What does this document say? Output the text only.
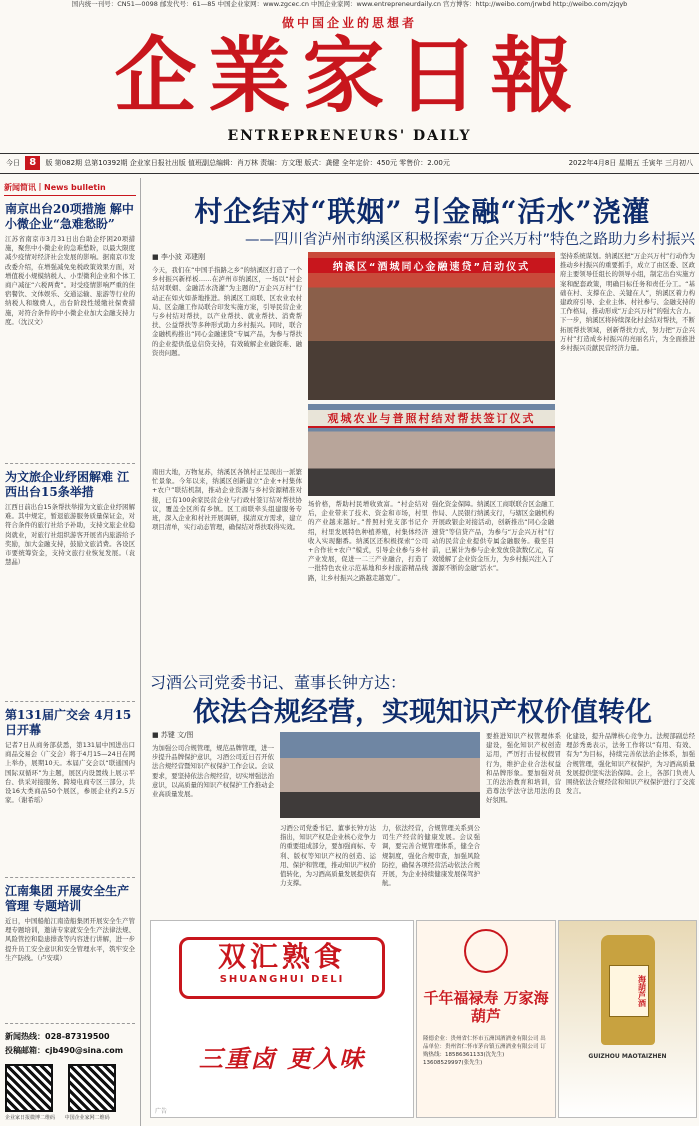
国内统一刊号：CN51—0098 邮发代号：61—85 中国企业家网：www.zgcec.cn 中国企业家网：www.entrepreneurdaily.cn 官方博客：http://weibo.com/jrwbd http://weibo.com/zjqyb
做中国企业的思想者
企業家日報
ENTREPRENEURS' DAILY
今日 8 版 第082期 总第10392期 企业家日报社出版 值班副总编辑：肖万林 责编：方文理 版式：龚健 全年定价：450元 零售价：2.00元	2022年4月8日 星期五 壬寅年 三月初八
新闻简讯丨News bulletin
南京出台20项措施 解中小微企业“急难愁盼”
江苏省南京市3月31日出台助企纾困20项措施，聚焦中小微企业的急难愁盼，以最大限度减少疫情对经济社会发展的影响。据南京市发改委介绍，在增强减免免税政策效果方面，对增值税小规模纳税人、小型微利企业和个体工商户减征“六税两费”。对受疫情影响严重的住宿餐饮、文体娱乐、交通运输、旅游等行业的纳税人和缴费人，出台阶段性缓缴社保费措施，对符合条件的中小微企业加大金融支持力度。（沈汉文）
为文旅企业纾困解难 江西出台15条举措
江西日前出台15条帮扶举措为文旅企业纾困解难。其中规定，暂退旅游服务质量保证金，对符合条件的旅行社给予补助，支持文旅企业稳岗就业，对旅行社组织游客开展省内旅游给予奖励，加大金融支持，鼓励文旅消费。各设区市要统筹资金，支持文旅行业恢复发展。（袁慧晶）
第131届广交会 4月15日开幕
记者7日从商务部获悉，第131届中国进出口商品交易会（广交会）将于4月15—24日在网上举办，展期10天。本届广交会以“联通国内国际双循环”为主题，展区内设置线上展示平台、供采对接服务、跨境电商专区三部分，共设16大类商品50个展区，参展企业约2.5万家。（谢希瑶）
江南集团 开展安全生产管理 专题培训
近日，中国船舶江南造船集团开展安全生产管理专题培训，邀请专家就安全生产法律法规、风险管控和隐患排查等内容进行讲解，进一步提升员工安全意识和安全管理水平，筑牢安全生产防线。（卢安琪）
新闻热线：028-87319500
投稿邮箱：cjb490@sina.com

企业家日报微博二维码 中国企业家网二维码
村企结对“联姻” 引金融“活水”浇灌
——四川省泸州市纳溪区积极探索“万企兴万村”特色之路助力乡村振兴
■ 李小波 邓建刚
今天，我们在“中国手指路之乡”的纳溪区打造了一个乡村振兴新样板……在泸州市纳溪区，一场以“村企结对联姻、金融活水浇灌”为主题的“万企兴万村”行动正在如火如荼地推进。纳溪区工商联、区农业农村局、区金融工作局联合印发实施方案，引导民营企业与乡村结对帮扶，以产业帮扶、就业帮扶、消费帮扶、公益帮扶等多种形式助力乡村振兴。同时，联合金融机构推出“同心金融速贷”专属产品，为参与帮扶的企业提供低息信贷支持，有效破解企业融资难、融资贵问题。
南田大地，万物复苏，纳溪区各镇村正呈现出一派繁忙景象。今年以来，纳溪区创新建立“企业+村集体+农户”联结机制，推动企业资源与乡村资源精准对接，已有100余家民营企业与行政村签订结对帮扶协议，覆盖全区所有乡镇。区工商联牵头组建服务专班，深入企业和村社开展调研，摸清双方需求，建立项目清单，实行动态管理，确保结对帮扶取得实效。
纳溪区“酒城同心金融速贷”启动仪式
观城农业与普照村结对帮扶签订仪式
场价格，帮助村民增收致富。“村企结对后，企业带来了技术、资金和市场，村里的产业越来越好。”普照村党支部书记介绍，村里发展特色种植养殖，村集体经济收入实现翻番。纳溪区还积极探索“公司+合作社+农户”模式，引导企业参与乡村产业发展，促进一二三产业融合，打造了一批特色农业示范基地和乡村旅游精品线路，让乡村振兴之路越走越宽广。
强化资金保障。纳溪区工商联联合区金融工作局、人民银行纳溪支行，与辖区金融机构开展政银企对接活动，创新推出“同心金融速贷”等信贷产品，为参与“万企兴万村”行动的民营企业提供专属金融服务。截至目前，已累计为参与企业发放贷款数亿元，有效缓解了企业资金压力，为乡村振兴注入了源源不断的金融“活水”。
坚持系统谋划。纳溪区把“万企兴万村”行动作为推动乡村振兴的重要抓手，成立了由区委、区政府主要领导任组长的领导小组，制定出台实施方案和配套政策，明确目标任务和责任分工。“基础在村、支撑在企、关键在人”，纳溪区着力构建政府引导、企业主体、村社参与、金融支持的工作格局，推动形成“万企兴万村”的强大合力。下一步，纳溪区将持续深化村企结对帮扶，不断拓展帮扶领域，创新帮扶方式，努力把“万企兴万村”打造成乡村振兴的亮丽名片，为全面推进乡村振兴贡献民营经济力量。
习酒公司党委书记、董事长钟方达：
依法合规经营，实现知识产权价值转化
■ 苏键 文/图
为加强公司合规管理，规范品牌管理，进一步提升品牌保护意识，习酒公司近日召开依法合规经营暨知识产权保护工作会议。会议要求，要坚持依法合规经营，切实增强法治意识，以高质量的知识产权保护工作推动企业高质量发展。
习酒公司党委书记、董事长钟方达指出，知识产权是企业核心竞争力的重要组成部分，要加强商标、专利、版权等知识产权的创造、运用、保护和管理，推动知识产权价值转化，为习酒高质量发展提供有力支撑。
力，依法经营，合规管理关系到公司生产经营的健康发展。会议强调，要完善合规管理体系，健全合规制度，强化合规审查，加强风险防控，确保各项经营活动依法合规开展，为企业持续健康发展保驾护航。
要推进知识产权管理体系建设，强化知识产权创造运用，严厉打击侵权假冒行为，维护企业合法权益和品牌形象。要加强对员工的法治教育和培训，营造尊法学法守法用法的良好氛围。
化建设，提升品牌核心竞争力。法规部副总经理彭秀勇表示，法务工作将以“有用、有效、有为”为目标，持续完善依法治企体系，加强合规管理，强化知识产权保护，为习酒高质量发展提供坚实法治保障。会上，各部门负责人围绕依法合规经营和知识产权保护进行了交流发言。
双汇熟食
SHUANGHUI DELI
三重卤 更入味
广告
千年福禄寿 万家海葫芦
隆德企业：贵州省仁怀市五洲国酒酒业有限公司 出品单位：贵州省仁怀市茅台镇五洲酒业有限公司 订购热线：18586361133(沈先生) 13608529997(张先生)
海葫芦酒
GUIZHOU MAOTAIZHEN
